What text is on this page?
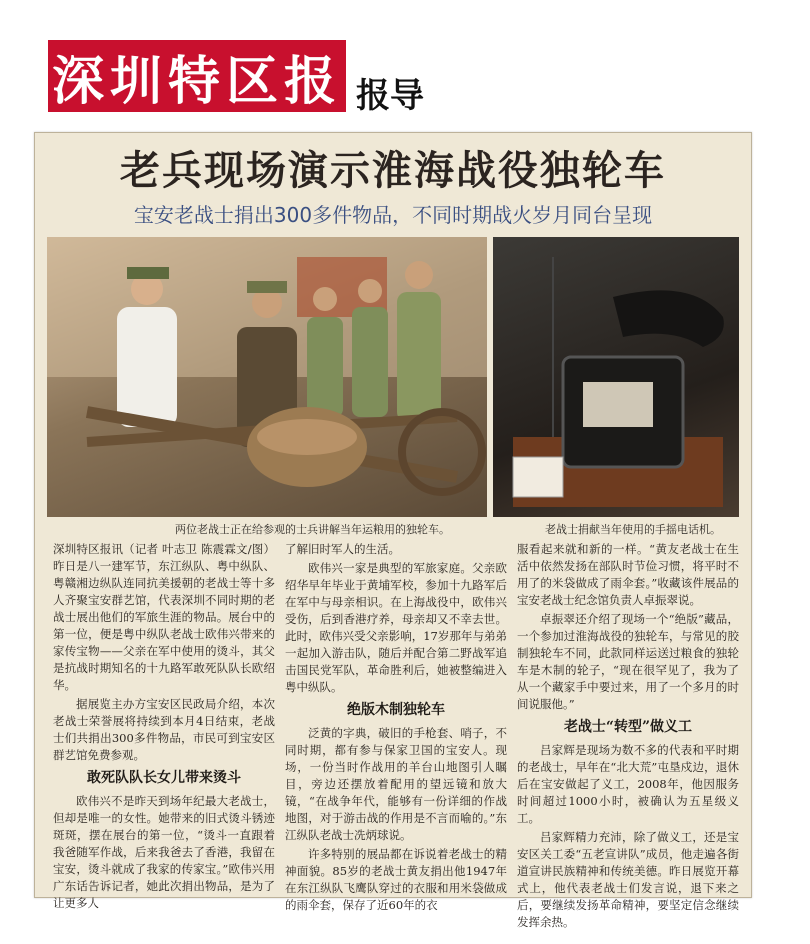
深圳特区报 报导
老兵现场演示淮海战役独轮车
宝安老战士捐出300多件物品，不同时期战火岁月同台呈现
两位老战士正在给参观的士兵讲解当年运粮用的独轮车。	老战士捐献当年使用的手摇电话机。

深圳特区报讯（记者 叶志卫 陈震霖文/图）昨日是八一建军节，东江纵队、粤中纵队、粤赣湘边纵队连同抗美援朝的老战士等十多人齐聚宝安群艺馆，代表深圳不同时期的老战士展出他们的军旅生涯的物品。展台中的第一位，便是粤中纵队老战士欧伟兴带来的家传宝物——父亲在军中使用的烫斗，其父是抗战时期知名的十九路军敢死队队长欧绍华。

据展览主办方宝安区民政局介绍，本次老战士荣誉展将持续到本月4日结束，老战士们共捐出300多件物品，市民可到宝安区群艺馆免费参观。

敢死队队长女儿带来烫斗

欧伟兴不是昨天到场年纪最大老战士，但却是唯一的女性。她带来的旧式烫斗锈迹斑斑，摆在展台的第一位，“烫斗一直跟着我爸随军作战，后来我爸去了香港，我留在宝安，烫斗就成了我家的传家宝。”欧伟兴用广东话告诉记者，她此次捐出物品，是为了让更多人

了解旧时军人的生活。

欧伟兴一家是典型的军旅家庭。父亲欧绍华早年毕业于黄埔军校，参加十九路军后在军中与母亲相识。在上海战役中，欧伟兴受伤，后到香港疗养，母亲却又不幸去世。此时，欧伟兴受父亲影响，17岁那年与弟弟一起加入游击队，随后并配合第二野战军追击国民党军队，革命胜利后，她被整编进入粤中纵队。

绝版木制独轮车

泛黄的字典，破旧的手枪套、哨子，不同时期，都有参与保家卫国的宝安人。现场，一份当时作战用的羊台山地图引人瞩目，旁边还摆放着配用的望远镜和放大镜，“在战争年代，能够有一份详细的作战地图，对于游击战的作用是不言而喻的。”东江纵队老战士冼炳球说。

许多特别的展品都在诉说着老战士的精神面貌。85岁的老战士黄友捐出他1947年在东江纵队飞鹰队穿过的衣服和用米袋做成的雨伞套，保存了近60年的衣

服看起来就和新的一样。“黄友老战士在生活中依然发扬在部队时节俭习惯，将平时不用了的米袋做成了雨伞套。”收藏该件展品的宝安老战士纪念馆负责人卓振翠说。

卓振翠还介绍了现场一个“绝版”藏品，一个参加过淮海战役的独轮车，与常见的胶制独轮车不同，此款同样运送过粮食的独轮车是木制的轮子，“现在很罕见了，我为了从一个藏家手中要过来，用了一个多月的时间说服他。”

老战士“转型”做义工

吕家辉是现场为数不多的代表和平时期的老战士，早年在“北大荒”屯垦戍边，退休后在宝安做起了义工，2008年，他因服务时间超过1000小时，被确认为五星级义工。

吕家辉精力充沛，除了做义工，还是宝安区关工委“五老宣讲队”成员，他走遍各街道宣讲民族精神和传统美德。昨日展览开幕式上，他代表老战士们发言说，退下来之后，要继续发扬革命精神，要坚定信念继续发挥余热。
